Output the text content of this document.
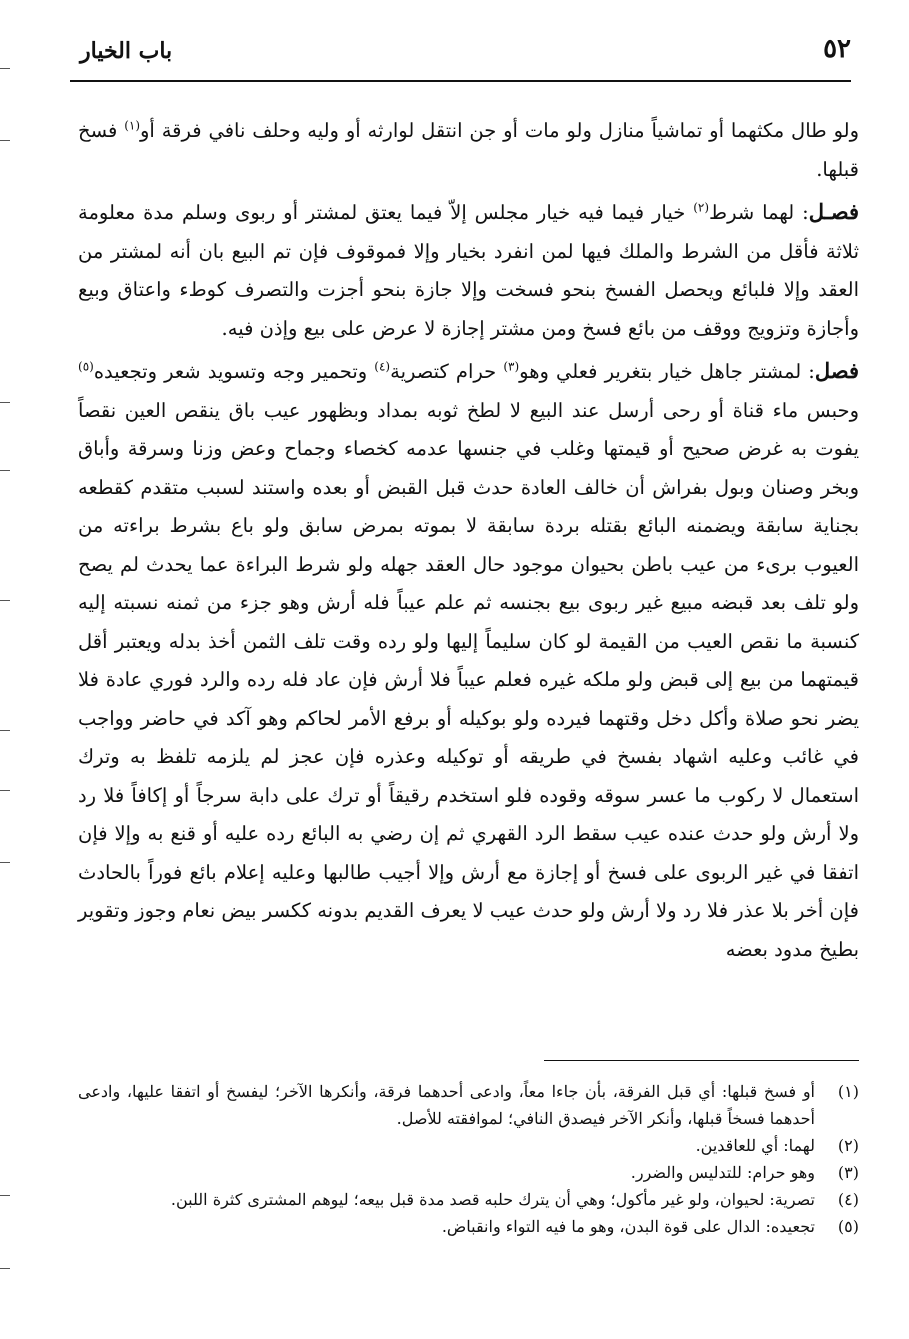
٥٢
باب الخيار

ولو طال مكثهما أو تماشياً منازل ولو مات أو جن انتقل لوارثه أو وليه وحلف نافي فرقة أو$^{(١)}$ فسخ قبلها.

فصـل: لهما شرط$^{(٢)}$ خيار فيما فيه خيار مجلس إلاّ فيما يعتق لمشتر أو ربوى وسلم مدة معلومة ثلاثة فأقل من الشرط والملك فيها لمن انفرد بخيار وإلا فموقوف فإن تم البيع بان أنه لمشتر من العقد وإلا فلبائع ويحصل الفسخ بنحو فسخت وإلا جازة بنحو أجزت والتصرف كوطء واعتاق وبيع وأجازة وتزويج ووقف من بائع فسخ ومن مشتر إجازة لا عرض على بيع وإذن فيه.

فصل: لمشتر جاهل خيار بتغرير فعلي وهو$^{(٣)}$ حرام كتصرية$^{(٤)}$ وتحمير وجه وتسويد شعر وتجعيده$^{(٥)}$ وحبس ماء قناة أو رحى أرسل عند البيع لا لطخ ثوبه بمداد وبظهور عيب باق ينقص العين نقصاً يفوت به غرض صحيح أو قيمتها وغلب في جنسها عدمه كخصاء وجماح وعض وزنا وسرقة وأباق وبخر وصنان وبول بفراش أن خالف العادة حدث قبل القبض أو بعده واستند لسبب متقدم كقطعه بجناية سابقة ويضمنه البائع بقتله بردة سابقة لا بموته بمرض سابق ولو باع بشرط براءته من العيوب برىء من عيب باطن بحيوان موجود حال العقد جهله ولو شرط البراءة عما يحدث لم يصح ولو تلف بعد قبضه مبيع غير ربوى بيع بجنسه ثم علم عيباً فله أرش وهو جزء من ثمنه نسبته إليه كنسبة ما نقص العيب من القيمة لو كان سليماً إليها ولو رده وقت تلف الثمن أخذ بدله ويعتبر أقل قيمتهما من بيع إلى قبض ولو ملكه غيره فعلم عيباً فلا أرش فإن عاد فله رده والرد فوري عادة فلا يضر نحو صلاة وأكل دخل وقتهما فيرده ولو بوكيله أو برفع الأمر لحاكم وهو آكد في حاضر وواجب في غائب وعليه اشهاد بفسخ في طريقه أو توكيله وعذره فإن عجز لم يلزمه تلفظ به وترك استعمال لا ركوب ما عسر سوقه وقوده فلو استخدم رقيقاً أو ترك على دابة سرجاً أو إكافاً فلا رد ولا أرش ولو حدث عنده عيب سقط الرد القهري ثم إن رضي به البائع رده عليه أو قنع به وإلا فإن اتفقا في غير الربوى على فسخ أو إجازة مع أرش وإلا أجيب طالبها وعليه إعلام بائع فوراً بالحادث فإن أخر بلا عذر فلا رد ولا أرش ولو حدث عيب لا يعرف القديم بدونه ككسر بيض نعام وجوز وتقوير بطيخ مدود بعضه

(١)
أو فسخ قبلها: أي قبل الفرقة، بأن جاءا معاً، وادعى أحدهما فرقة، وأنكرها الآخر؛ ليفسخ أو اتفقا عليها، وادعى أحدهما فسخاً قبلها، وأنكر الآخر فيصدق النافي؛ لموافقته للأصل.
(٢)
لهما: أي للعاقدين.
(٣)
وهو حرام: للتدليس والضرر.
(٤)
تصرية: لحيوان، ولو غير مأكول؛ وهي أن يترك حلبه قصد مدة قبل بيعه؛ ليوهم المشترى كثرة اللبن.
(٥)
تجعيده: الدال على قوة البدن، وهو ما فيه التواء وانقباض.
